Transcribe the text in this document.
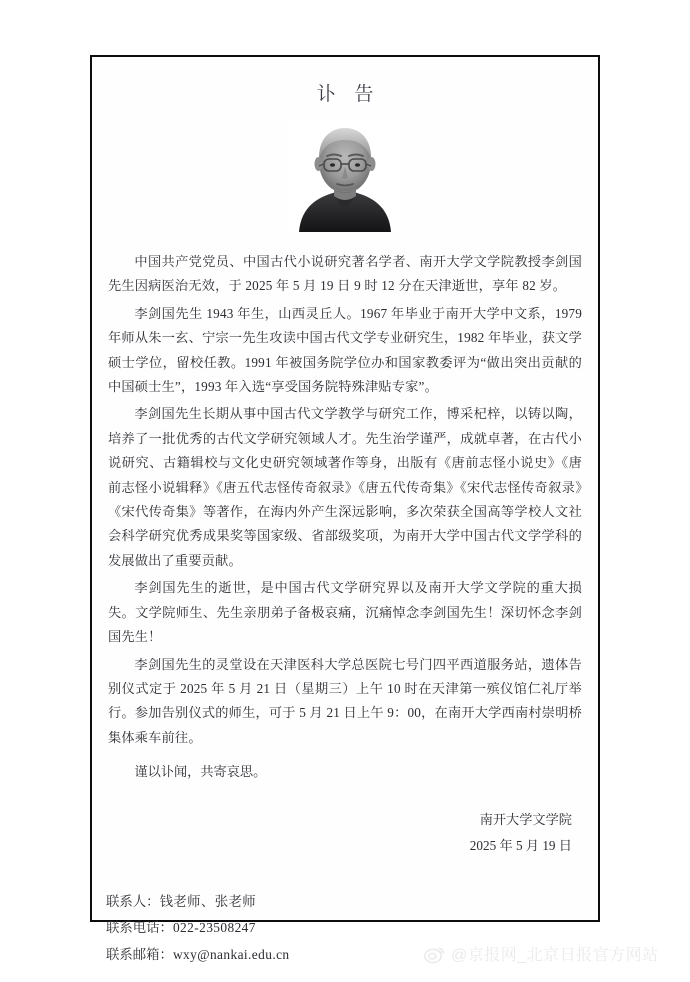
讣 告

中国共产党党员、中国古代小说研究著名学者、南开大学文学院教授李剑国先生因病医治无效，于 2025 年 5 月 19 日 9 时 12 分在天津逝世，享年 82 岁。

李剑国先生 1943 年生，山西灵丘人。1967 年毕业于南开大学中文系，1979 年师从朱一玄、宁宗一先生攻读中国古代文学专业研究生，1982 年毕业，获文学硕士学位，留校任教。1991 年被国务院学位办和国家教委评为“做出突出贡献的中国硕士生”，1993 年入选“享受国务院特殊津贴专家”。

李剑国先生长期从事中国古代文学教学与研究工作，博采杞梓，以铸以陶，培养了一批优秀的古代文学研究领域人才。先生治学谨严，成就卓著，在古代小说研究、古籍辑校与文化史研究领域著作等身，出版有《唐前志怪小说史》《唐前志怪小说辑释》《唐五代志怪传奇叙录》《唐五代传奇集》《宋代志怪传奇叙录》《宋代传奇集》等著作，在海内外产生深远影响，多次荣获全国高等学校人文社会科学研究优秀成果奖等国家级、省部级奖项，为南开大学中国古代文学学科的发展做出了重要贡献。

李剑国先生的逝世，是中国古代文学研究界以及南开大学文学院的重大损失。文学院师生、先生亲朋弟子备极哀痛，沉痛悼念李剑国先生！深切怀念李剑国先生！

李剑国先生的灵堂设在天津医科大学总医院七号门四平西道服务站，遗体告别仪式定于 2025 年 5 月 21 日（星期三）上午 10 时在天津第一殡仪馆仁礼厅举行。参加告别仪式的师生，可于 5 月 21 日上午 9：00，在南开大学西南村崇明桥集体乘车前往。

谨以讣闻，共寄哀思。

南开大学文学院
2025 年 5 月 19 日
联系人：钱老师、张老师
联系电话：022-23508247
联系邮箱：wxy@nankai.edu.cn	@京报网_北京日报官方网站
